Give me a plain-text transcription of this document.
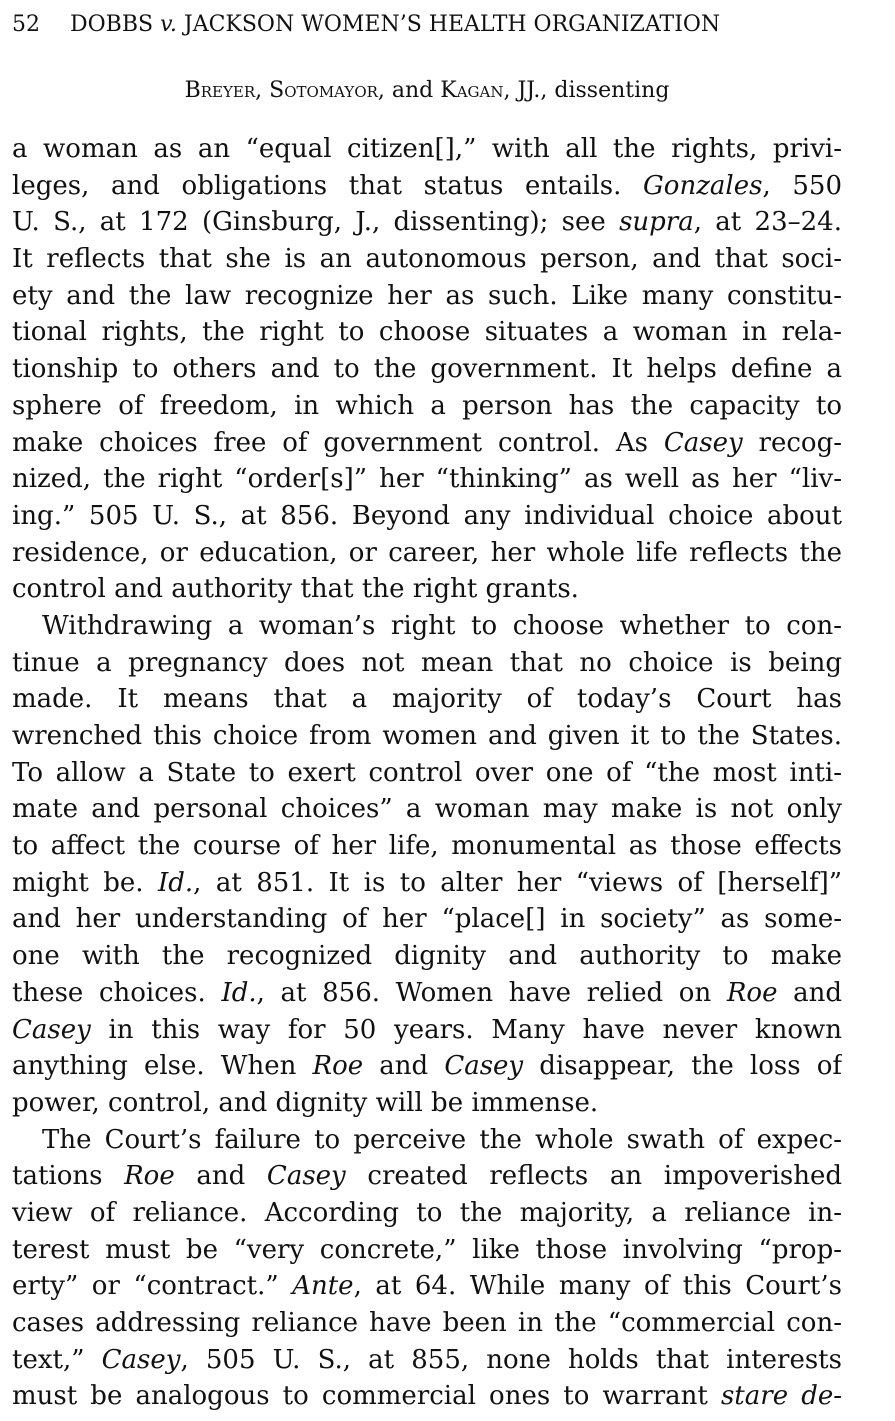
52 DOBBS v. JACKSON WOMEN’S HEALTH ORGANIZATION
Breyer, Sotomayor, and Kagan, JJ., dissenting
a woman as an “equal citizen[],” with all the rights, privi-
leges, and obligations that status entails. Gonzales, 550
U. S., at 172 (Ginsburg, J., dissenting); see supra, at 23–24.
It reflects that she is an autonomous person, and that soci-
ety and the law recognize her as such. Like many constitu-
tional rights, the right to choose situates a woman in rela-
tionship to others and to the government. It helps define a
sphere of freedom, in which a person has the capacity to
make choices free of government control. As Casey recog-
nized, the right “order[s]” her “thinking” as well as her “liv-
ing.” 505 U. S., at 856. Beyond any individual choice about
residence, or education, or career, her whole life reflects the
control and authority that the right grants.
Withdrawing a woman’s right to choose whether to con-
tinue a pregnancy does not mean that no choice is being
made. It means that a majority of today’s Court has
wrenched this choice from women and given it to the States.
To allow a State to exert control over one of “the most inti-
mate and personal choices” a woman may make is not only
to affect the course of her life, monumental as those effects
might be. Id., at 851. It is to alter her “views of [herself]”
and her understanding of her “place[] in society” as some-
one with the recognized dignity and authority to make
these choices. Id., at 856. Women have relied on Roe and
Casey in this way for 50 years. Many have never known
anything else. When Roe and Casey disappear, the loss of
power, control, and dignity will be immense.
The Court’s failure to perceive the whole swath of expec-
tations Roe and Casey created reflects an impoverished
view of reliance. According to the majority, a reliance in-
terest must be “very concrete,” like those involving “prop-
erty” or “contract.” Ante, at 64. While many of this Court’s
cases addressing reliance have been in the “commercial con-
text,” Casey, 505 U. S., at 855, none holds that interests
must be analogous to commercial ones to warrant stare de-
